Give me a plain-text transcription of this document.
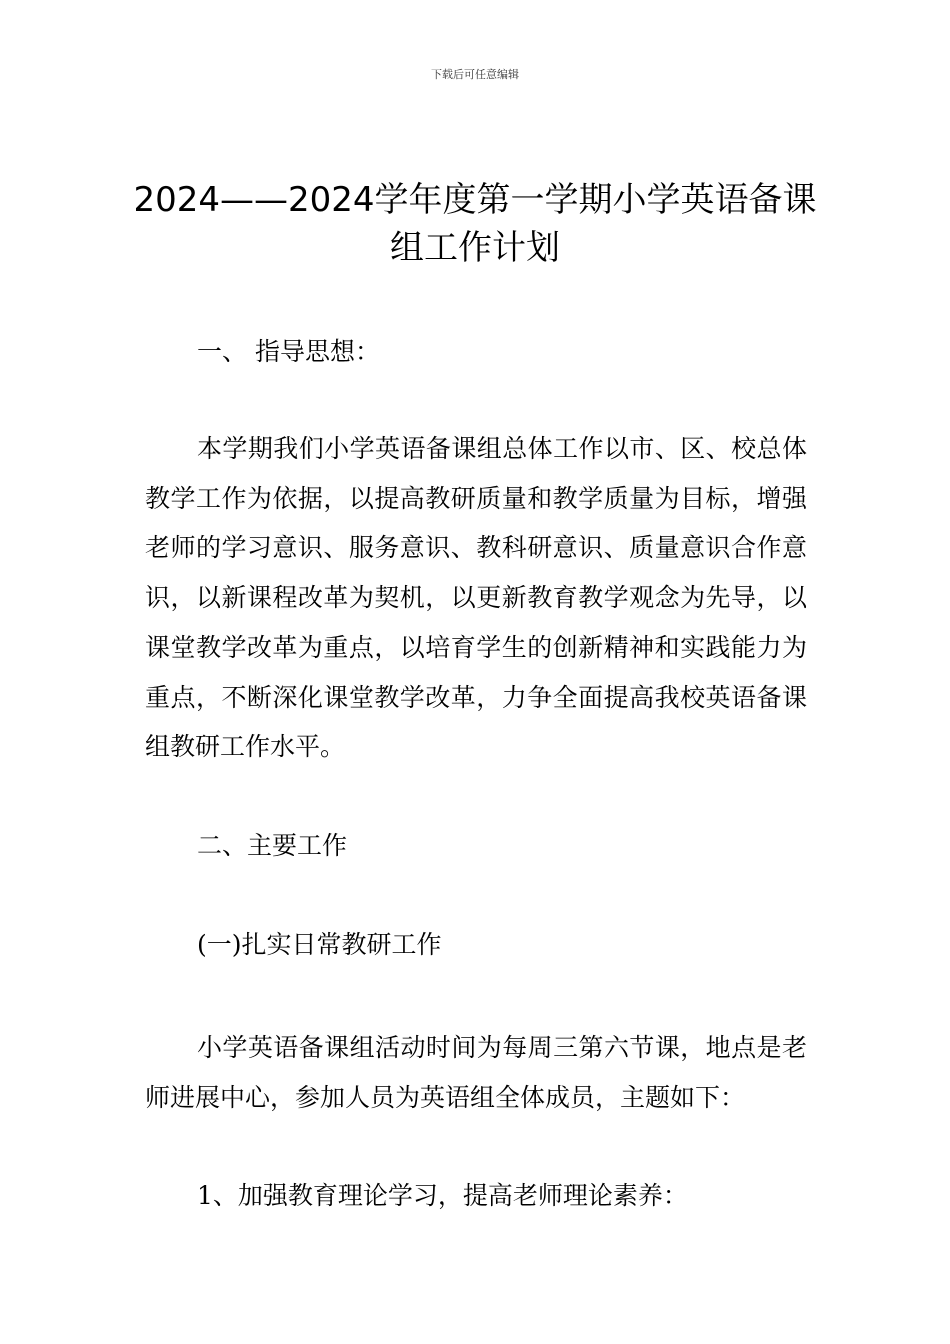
下载后可任意编辑
2024——2024学年度第一学期小学英语备课组工作计划

一、 指导思想：

本学期我们小学英语备课组总体工作以市、区、校总体教学工作为依据，以提高教研质量和教学质量为目标，增强老师的学习意识、服务意识、教科研意识、质量意识合作意识，以新课程改革为契机，以更新教育教学观念为先导，以课堂教学改革为重点，以培育学生的创新精神和实践能力为重点，不断深化课堂教学改革，力争全面提高我校英语备课组教研工作水平。

二、主要工作

(一)扎实日常教研工作

小学英语备课组活动时间为每周三第六节课，地点是老师进展中心，参加人员为英语组全体成员，主题如下：

1、加强教育理论学习，提高老师理论素养：
